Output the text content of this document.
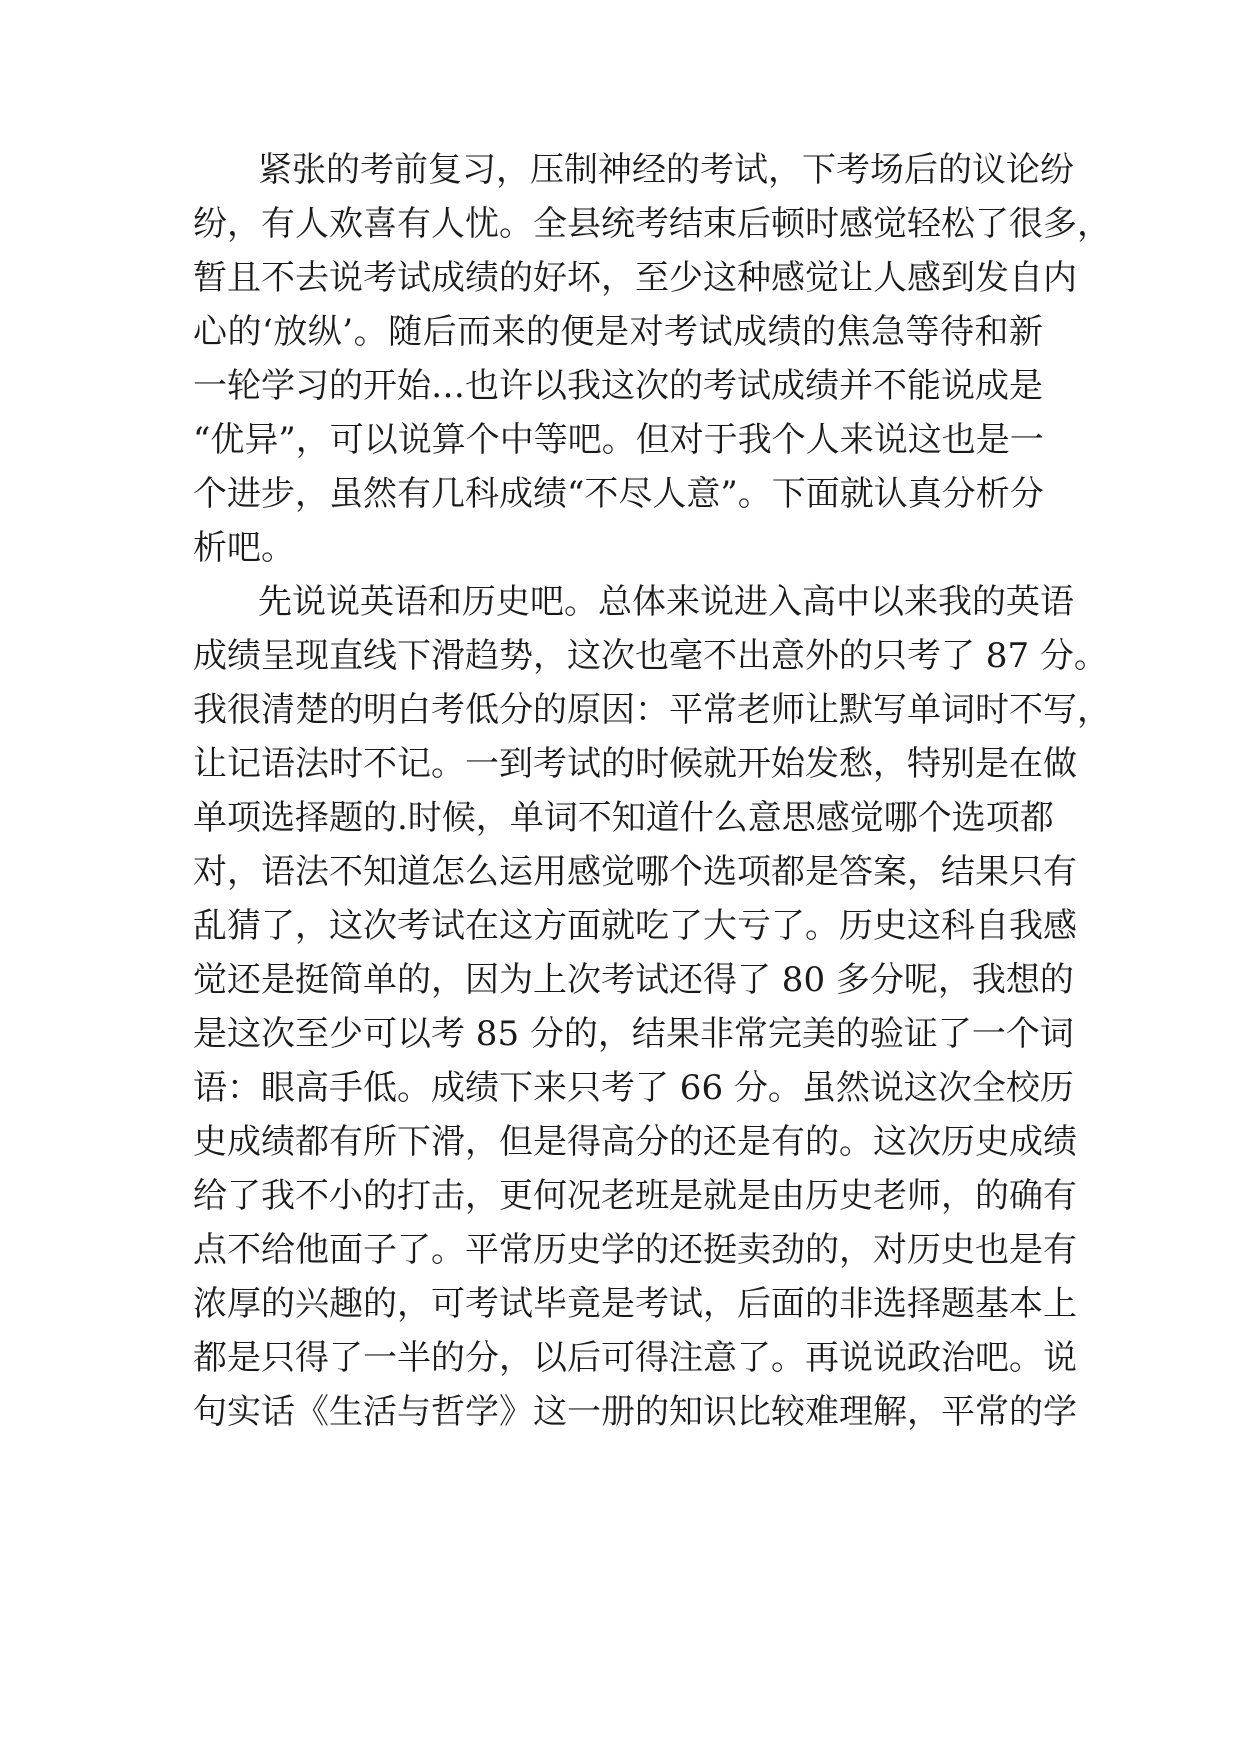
紧张的考前复习，压制神经的考试，下考场后的议论纷
纷，有人欢喜有人忧。全县统考结束后顿时感觉轻松了很多，
暂且不去说考试成绩的好坏，至少这种感觉让人感到发自内
心的‘放纵’。随后而来的便是对考试成绩的焦急等待和新
一轮学习的开始…也许以我这次的考试成绩并不能说成是
“优异”，可以说算个中等吧。但对于我个人来说这也是一
个进步，虽然有几科成绩“不尽人意”。下面就认真分析分
析吧。
先说说英语和历史吧。总体来说进入高中以来我的英语
成绩呈现直线下滑趋势，这次也毫不出意外的只考了 87 分。
我很清楚的明白考低分的原因：平常老师让默写单词时不写，
让记语法时不记。一到考试的时候就开始发愁，特别是在做
单项选择题的.时候，单词不知道什么意思感觉哪个选项都
对，语法不知道怎么运用感觉哪个选项都是答案，结果只有
乱猜了，这次考试在这方面就吃了大亏了。历史这科自我感
觉还是挺简单的，因为上次考试还得了 80 多分呢，我想的
是这次至少可以考 85 分的，结果非常完美的验证了一个词
语：眼高手低。成绩下来只考了 66 分。虽然说这次全校历
史成绩都有所下滑，但是得高分的还是有的。这次历史成绩
给了我不小的打击，更何况老班是就是由历史老师，的确有
点不给他面子了。平常历史学的还挺卖劲的，对历史也是有
浓厚的兴趣的，可考试毕竟是考试，后面的非选择题基本上
都是只得了一半的分，以后可得注意了。再说说政治吧。说
句实话《生活与哲学》这一册的知识比较难理解，平常的学
